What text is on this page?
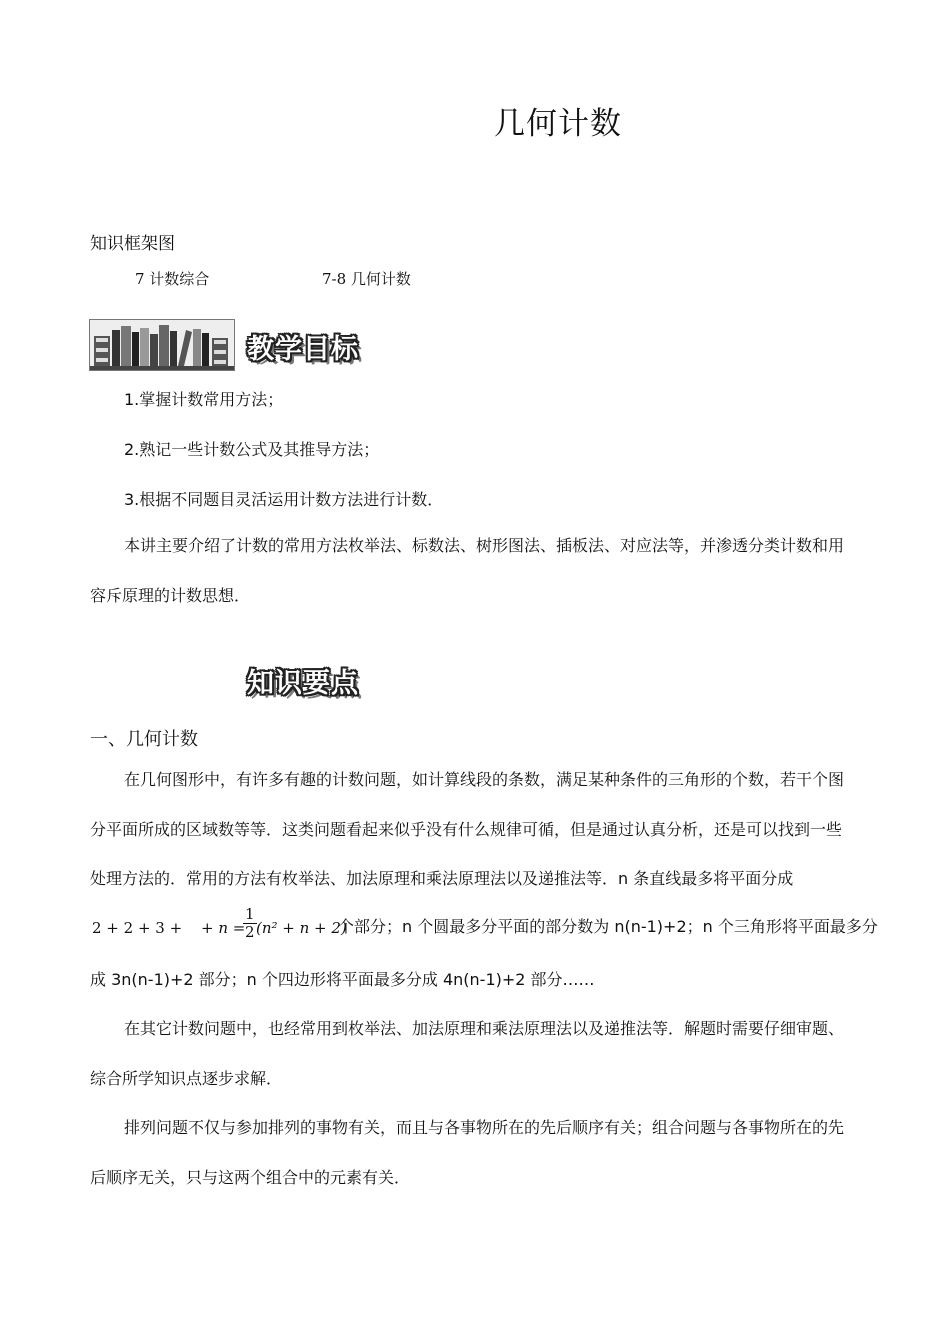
几何计数
知识框架图
7 计数综合	7-8 几何计数
教学目标
1.掌握计数常用方法；
2.熟记一些计数公式及其推导方法；
3.根据不同题目灵活运用计数方法进行计数．
本讲主要介绍了计数的常用方法枚举法、标数法、树形图法、插板法、对应法等，并渗透分类计数和用
容斥原理的计数思想．
知识要点
一、几何计数
在几何图形中，有许多有趣的计数问题，如计算线段的条数，满足某种条件的三角形的个数，若干个图
分平面所成的区域数等等．这类问题看起来似乎没有什么规律可循，但是通过认真分析，还是可以找到一些
处理方法的．常用的方法有枚举法、加法原理和乘法原理法以及递推法等．n 条直线最多将平面分成
2 + 2 + 3 + + n =
$\frac{1}{2} (n^2 + n + 2)$
个部分；n 个圆最多分平面的部分数为 n(n-1)+2；n 个三角形将平面最多分
成 3n(n-1)+2 部分；n 个四边形将平面最多分成 4n(n-1)+2 部分……
在其它计数问题中，也经常用到枚举法、加法原理和乘法原理法以及递推法等．解题时需要仔细审题、
综合所学知识点逐步求解．
排列问题不仅与参加排列的事物有关，而且与各事物所在的先后顺序有关；组合问题与各事物所在的先
后顺序无关，只与这两个组合中的元素有关．
